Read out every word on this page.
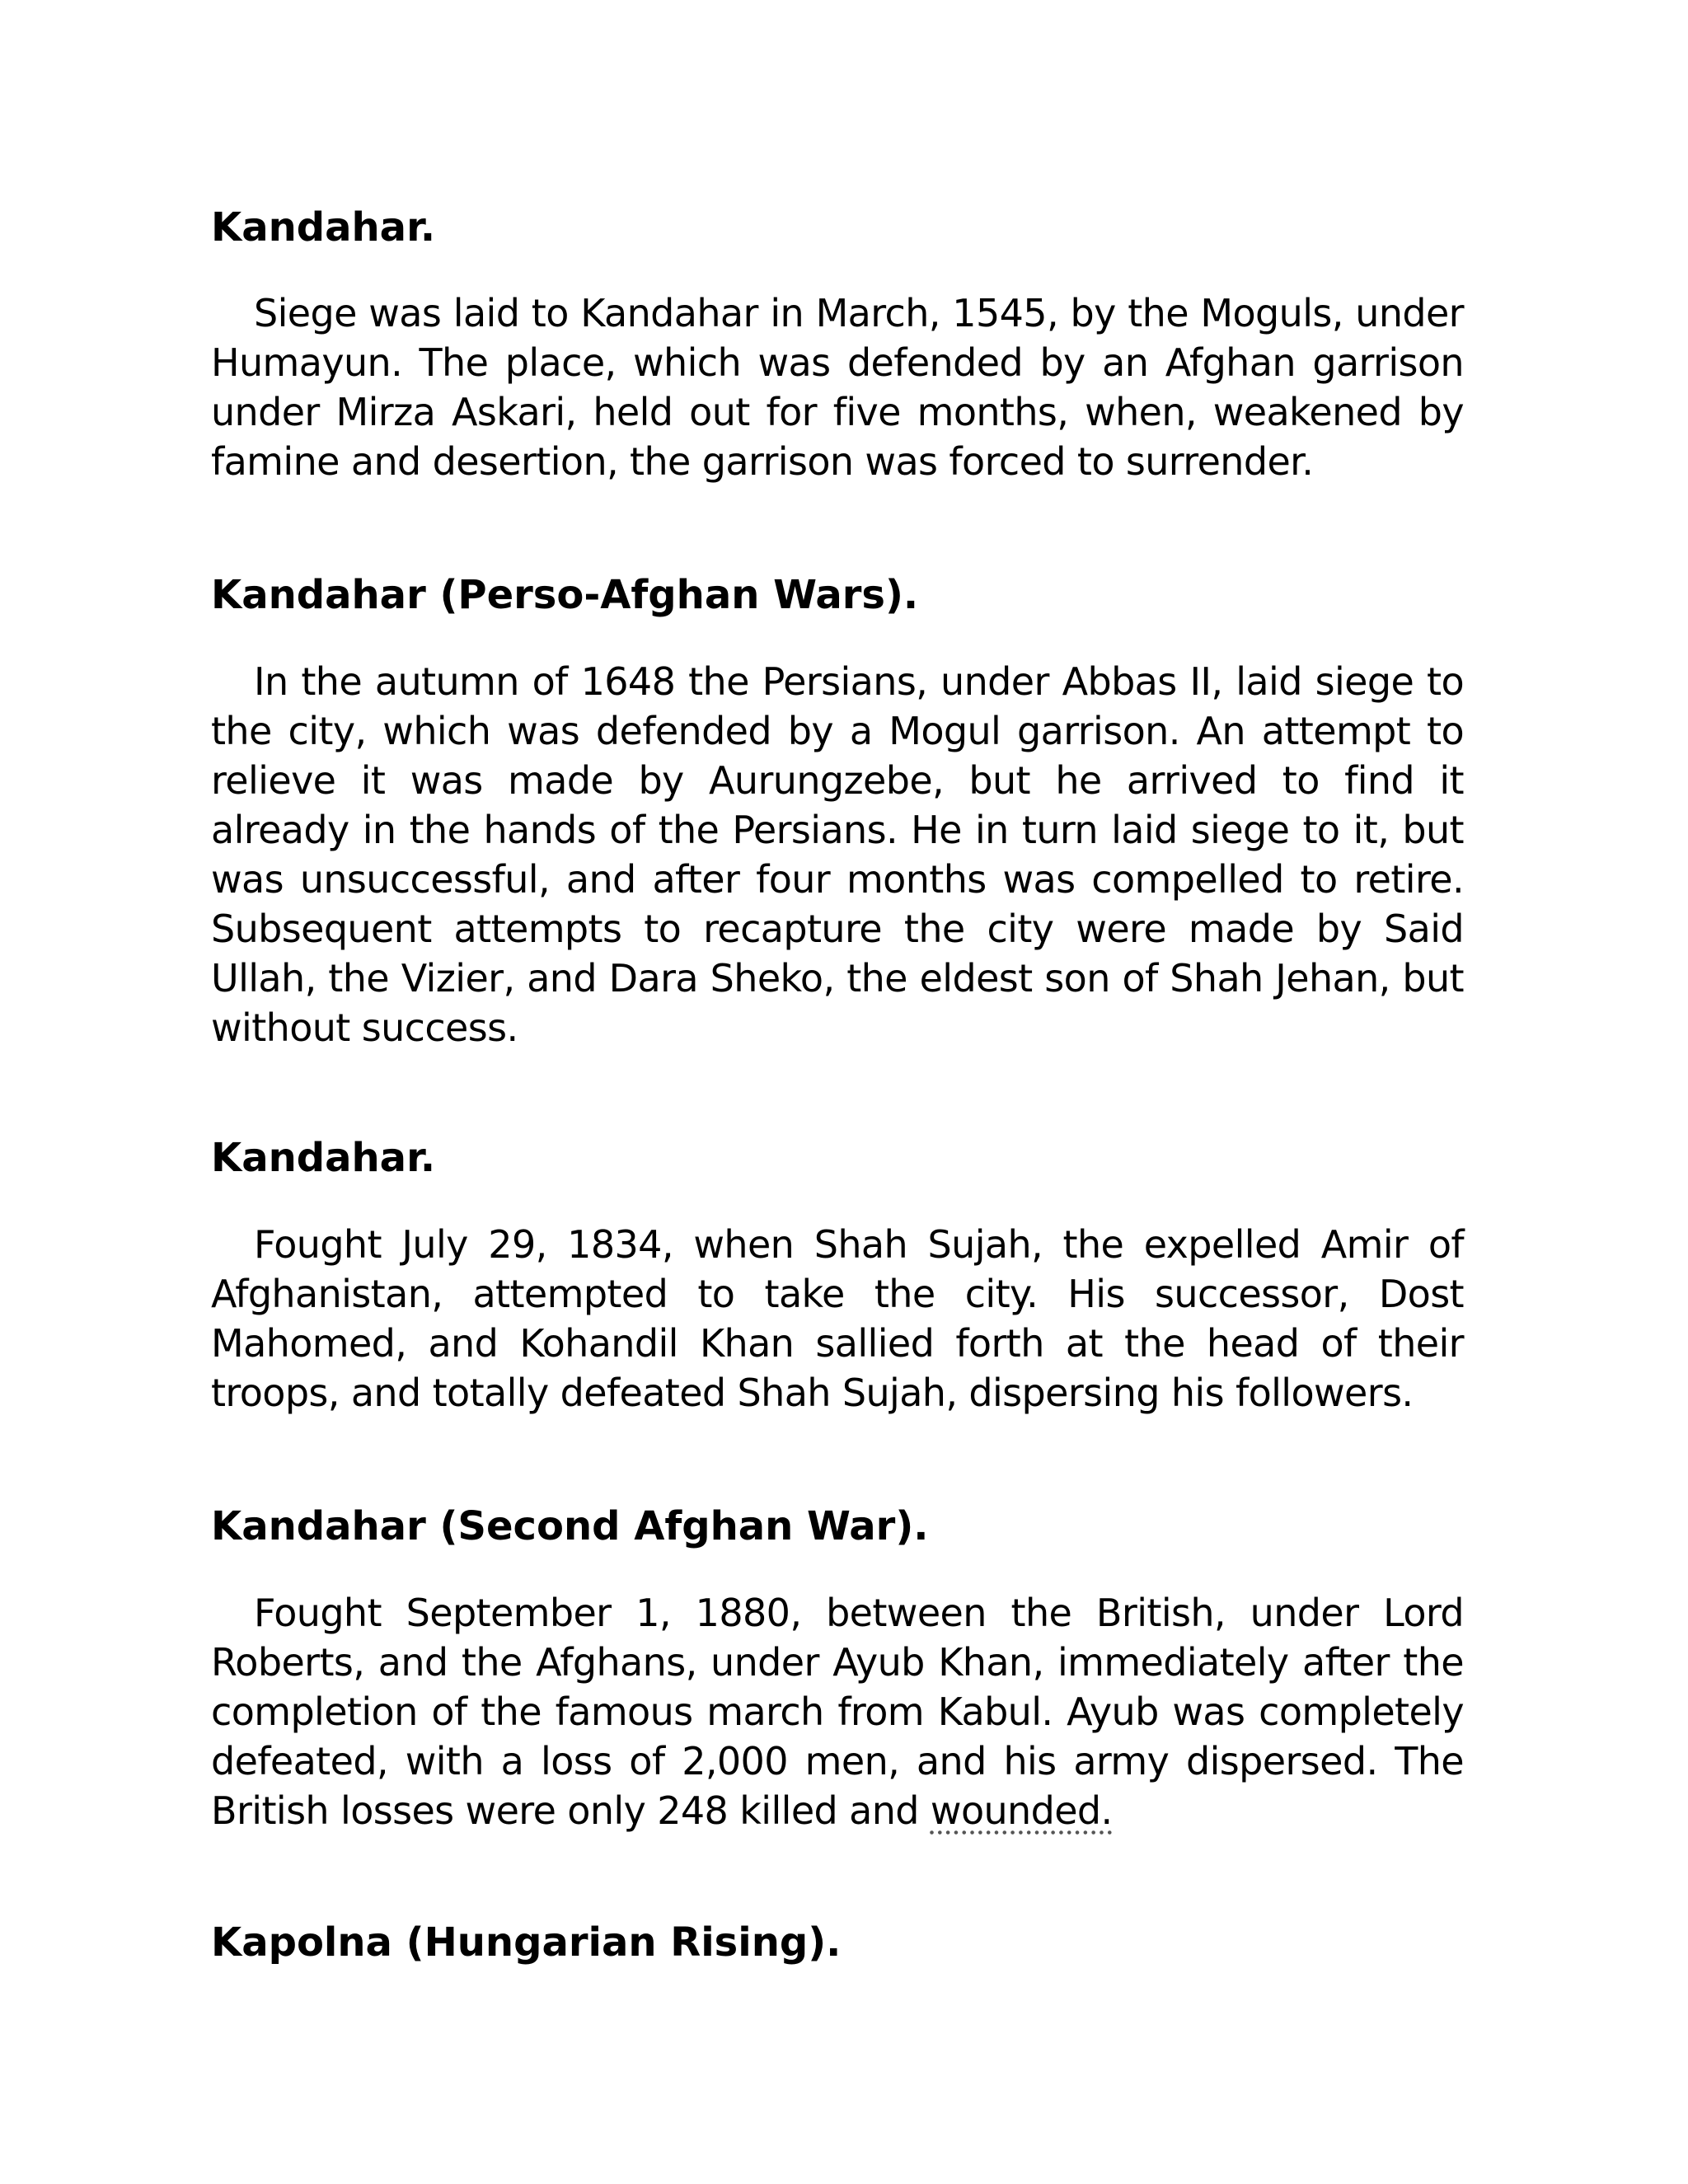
Kandahar.

Siege was laid to Kandahar in March, 1545, by the Moguls, under Humayun. The place, which was defended by an Afghan garrison under Mirza Askari, held out for five months, when, weakened by famine and desertion, the garrison was forced to surrender.

Kandahar (Perso-Afghan Wars).

In the autumn of 1648 the Persians, under Abbas II, laid siege to the city, which was defended by a Mogul garrison. An attempt to relieve it was made by Aurungzebe, but he arrived to find it already in the hands of the Persians. He in turn laid siege to it, but was unsuccessful, and after four months was compelled to retire. Subsequent attempts to recapture the city were made by Said Ullah, the Vizier, and Dara Sheko, the eldest son of Shah Jehan, but without success.

Kandahar.

Fought July 29, 1834, when Shah Sujah, the expelled Amir of Afghanistan, attempted to take the city. His successor, Dost Mahomed, and Kohandil Khan sallied forth at the head of their troops, and totally defeated Shah Sujah, dispersing his followers.

Kandahar (Second Afghan War).

Fought September 1, 1880, between the British, under Lord Roberts, and the Afghans, under Ayub Khan, immediately after the completion of the famous march from Kabul. Ayub was completely defeated, with a loss of 2,000 men, and his army dispersed. The British losses were only 248 killed and wounded.

Kapolna (Hungarian Rising).
